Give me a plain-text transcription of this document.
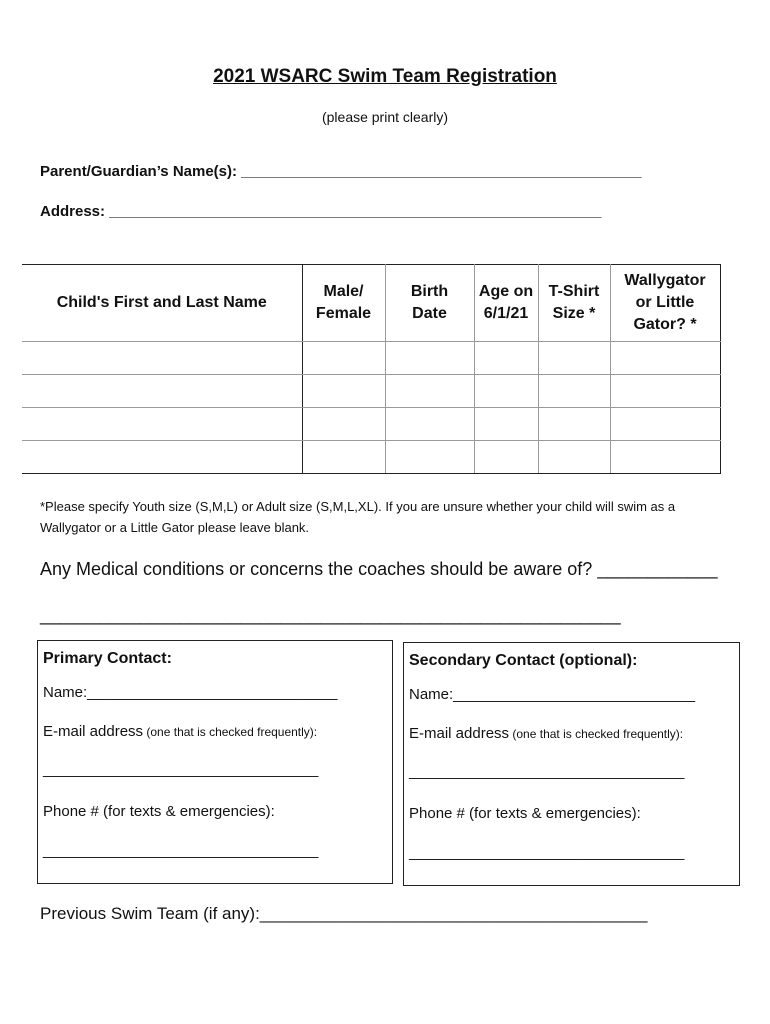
2021 WSARC Swim Team Registration
(please print clearly)
Parent/Guardian’s Name(s): ________________________________________________
Address: ___________________________________________________________
Child's First and Last Name	Male/ Female	Birth Date	Age on 6/1/21	T-Shirt Size *	Wallygator or Little Gator? *

*Please specify Youth size (S,M,L) or Adult size (S,M,L,XL). If you are unsure whether your child will swim as a Wallygator or a Little Gator please leave blank.
Any Medical conditions or concerns the coaches should be aware of? ____________
__________________________________________________________
Primary Contact:
Name:______________________________
E-mail address (one that is checked frequently):
_________________________________
Phone # (for texts & emergencies):
_________________________________
Secondary Contact (optional):
Name:_____________________________
E-mail address (one that is checked frequently):
_________________________________
Phone # (for texts & emergencies):
_________________________________
Previous Swim Team (if any):_________________________________________
